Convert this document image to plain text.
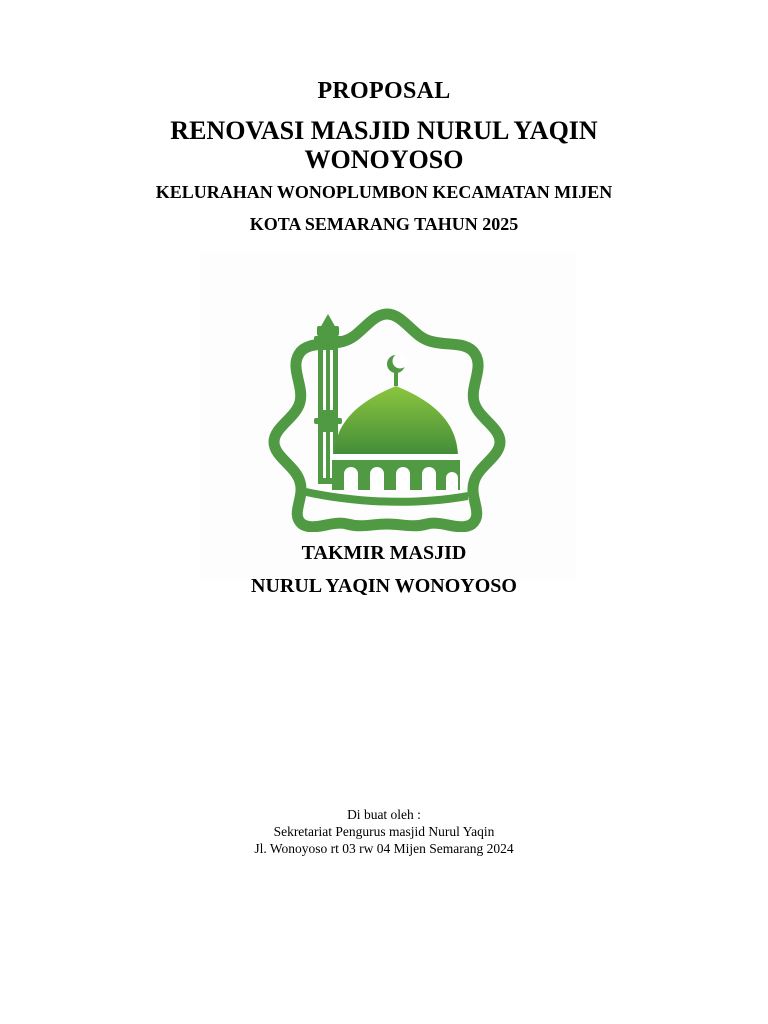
PROPOSAL
RENOVASI MASJID NURUL YAQIN
WONOYOSO
KELURAHAN WONOPLUMBON KECAMATAN MIJEN
KOTA SEMARANG TAHUN 2025
TAKMIR MASJID
NURUL YAQIN WONOYOSO
Di buat oleh :
Sekretariat Pengurus masjid Nurul Yaqin
Jl. Wonoyoso rt 03 rw 04 Mijen Semarang 2024
